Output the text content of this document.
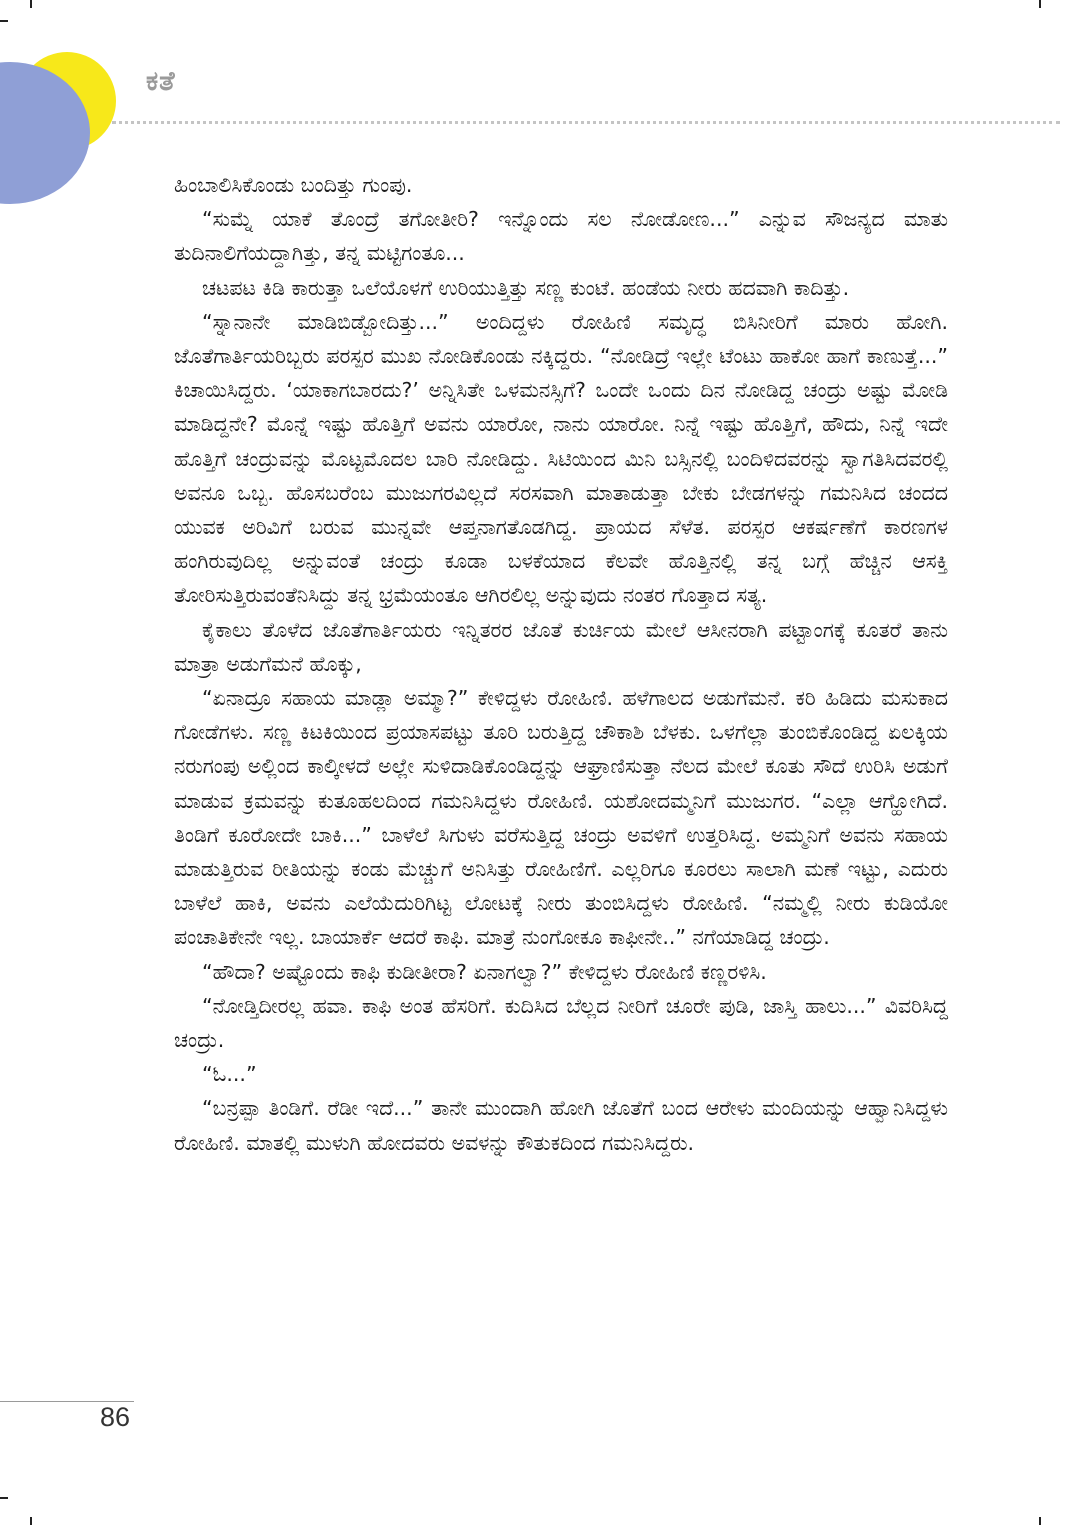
ಕತೆ

ಹಿಂಬಾಲಿಸಿಕೊಂಡು ಬಂದಿತ್ತು ಗುಂಪು.

“ಸುಮ್ನೆ ಯಾಕೆ ತೊಂದ್ರೆ ತಗೋತೀರಿ? ಇನ್ನೊಂದು ಸಲ ನೋಡೋಣ...” ಎನ್ನುವ ಸೌಜನ್ಯದ ಮಾತು ತುದಿನಾಲಿಗೆಯದ್ದಾಗಿತ್ತು, ತನ್ನ ಮಟ್ಟಿಗಂತೂ...

ಚಟಪಟ ಕಿಡಿ ಕಾರುತ್ತಾ ಒಲೆಯೊಳಗೆ ಉರಿಯುತ್ತಿತ್ತು ಸಣ್ಣ ಕುಂಟೆ. ಹಂಡೆಯ ನೀರು ಹದವಾಗಿ ಕಾದಿತ್ತು.

“ಸ್ನಾನಾನೇ ಮಾಡಿಬಿಡ್ಬೋದಿತ್ತು...” ಅಂದಿದ್ದಳು ರೋಹಿಣಿ ಸಮೃದ್ಧ ಬಿಸಿನೀರಿಗೆ ಮಾರು ಹೋಗಿ. ಜೊತೆಗಾರ್ತಿಯರಿಬ್ಬರು ಪರಸ್ಪರ ಮುಖ ನೋಡಿಕೊಂಡು ನಕ್ಕಿದ್ದರು. “ನೋಡಿದ್ರೆ ಇಲ್ಲೇ ಟೆಂಟು ಹಾಕೋ ಹಾಗೆ ಕಾಣುತ್ತೆ...” ಕಿಚಾಯಿಸಿದ್ದರು. ‘ಯಾಕಾಗಬಾರದು?’ ಅನ್ನಿಸಿತೇ ಒಳಮನಸ್ಸಿಗೆ? ಒಂದೇ ಒಂದು ದಿನ ನೋಡಿದ್ದ ಚಂದ್ರು ಅಷ್ಟು ಮೋಡಿ ಮಾಡಿದ್ದನೇ? ಮೊನ್ನೆ ಇಷ್ಟು ಹೊತ್ತಿಗೆ ಅವನು ಯಾರೋ, ನಾನು ಯಾರೋ. ನಿನ್ನೆ ಇಷ್ಟು ಹೊತ್ತಿಗೆ, ಹೌದು, ನಿನ್ನೆ ಇದೇ ಹೊತ್ತಿಗೆ ಚಂದ್ರುವನ್ನು ಮೊಟ್ಟಮೊದಲ ಬಾರಿ ನೋಡಿದ್ದು. ಸಿಟಿಯಿಂದ ಮಿನಿ ಬಸ್ಸಿನಲ್ಲಿ ಬಂದಿಳಿದವರನ್ನು ಸ್ವಾಗತಿಸಿದವರಲ್ಲಿ ಅವನೂ ಒಬ್ಬ. ಹೊಸಬರೆಂಬ ಮುಜುಗರವಿಲ್ಲದೆ ಸರಸವಾಗಿ ಮಾತಾಡುತ್ತಾ ಬೇಕು ಬೇಡಗಳನ್ನು ಗಮನಿಸಿದ ಚಂದದ ಯುವಕ ಅರಿವಿಗೆ ಬರುವ ಮುನ್ನವೇ ಆಪ್ತನಾಗತೊಡಗಿದ್ದ. ಪ್ರಾಯದ ಸೆಳೆತ. ಪರಸ್ಪರ ಆಕರ್ಷಣೆಗೆ ಕಾರಣಗಳ ಹಂಗಿರುವುದಿಲ್ಲ ಅನ್ನುವಂತೆ ಚಂದ್ರು ಕೂಡಾ ಬಳಕೆಯಾದ ಕೆಲವೇ ಹೊತ್ತಿನಲ್ಲಿ ತನ್ನ ಬಗ್ಗೆ ಹೆಚ್ಚಿನ ಆಸಕ್ತಿ ತೋರಿಸುತ್ತಿರುವಂತೆನಿಸಿದ್ದು ತನ್ನ ಭ್ರಮೆಯಂತೂ ಆಗಿರಲಿಲ್ಲ ಅನ್ನುವುದು ನಂತರ ಗೊತ್ತಾದ ಸತ್ಯ.

ಕೈಕಾಲು ತೊಳೆದ ಜೊತೆಗಾರ್ತಿಯರು ಇನ್ನಿತರರ ಜೊತೆ ಕುರ್ಚಿಯ ಮೇಲೆ ಆಸೀನರಾಗಿ ಪಟ್ಟಾಂಗಕ್ಕೆ ಕೂತರೆ ತಾನು ಮಾತ್ರಾ ಅಡುಗೆಮನೆ ಹೊಕ್ಕು,

“ಏನಾದ್ರೂ ಸಹಾಯ ಮಾಡ್ಲಾ ಅಮ್ಮಾ?” ಕೇಳಿದ್ದಳು ರೋಹಿಣಿ. ಹಳೆಗಾಲದ ಅಡುಗೆಮನೆ. ಕರಿ ಹಿಡಿದು ಮಸುಕಾದ ಗೋಡೆಗಳು. ಸಣ್ಣ ಕಿಟಕಿಯಿಂದ ಪ್ರಯಾಸಪಟ್ಟು ತೂರಿ ಬರುತ್ತಿದ್ದ ಚೌಕಾಶಿ ಬೆಳಕು. ಒಳಗೆಲ್ಲಾ ತುಂಬಿಕೊಂಡಿದ್ದ ಏಲಕ್ಕಿಯ ನರುಗಂಪು ಅಲ್ಲಿಂದ ಕಾಲ್ಕೀಳದೆ ಅಲ್ಲೇ ಸುಳಿದಾಡಿಕೊಂಡಿದ್ದನ್ನು ಆಘ್ರಾಣಿಸುತ್ತಾ ನೆಲದ ಮೇಲೆ ಕೂತು ಸೌದೆ ಉರಿಸಿ ಅಡುಗೆ ಮಾಡುವ ಕ್ರಮವನ್ನು ಕುತೂಹಲದಿಂದ ಗಮನಿಸಿದ್ದಳು ರೋಹಿಣಿ. ಯಶೋದಮ್ಮನಿಗೆ ಮುಜುಗರ. “ಎಲ್ಲಾ ಆಗ್ಹೋಗಿದೆ. ತಿಂಡಿಗೆ ಕೂರೋದೇ ಬಾಕಿ...” ಬಾಳೆಲೆ ಸಿಗುಳು ವರೆಸುತ್ತಿದ್ದ ಚಂದ್ರು ಅವಳಿಗೆ ಉತ್ತರಿಸಿದ್ದ. ಅಮ್ಮನಿಗೆ ಅವನು ಸಹಾಯ ಮಾಡುತ್ತಿರುವ ರೀತಿಯನ್ನು ಕಂಡು ಮೆಚ್ಚುಗೆ ಅನಿಸಿತ್ತು ರೋಹಿಣಿಗೆ. ಎಲ್ಲರಿಗೂ ಕೂರಲು ಸಾಲಾಗಿ ಮಣೆ ಇಟ್ಟು, ಎದುರು ಬಾಳೆಲೆ ಹಾಕಿ, ಅವನು ಎಲೆಯೆದುರಿಗಿಟ್ಟ ಲೋಟಕ್ಕೆ ನೀರು ತುಂಬಿಸಿದ್ದಳು ರೋಹಿಣಿ. “ನಮ್ಮಲ್ಲಿ ನೀರು ಕುಡಿಯೋ ಪಂಚಾತಿಕೇನೇ ಇಲ್ಲ. ಬಾಯಾರ್ಕೆ ಆದರೆ ಕಾಫಿ. ಮಾತ್ರೆ ನುಂಗೋಕೂ ಕಾಫೀನೇ..” ನಗೆಯಾಡಿದ್ದ ಚಂದ್ರು.

“ಹೌದಾ? ಅಷ್ಟೊಂದು ಕಾಫಿ ಕುಡೀತೀರಾ? ಏನಾಗಲ್ವಾ?” ಕೇಳಿದ್ದಳು ರೋಹಿಣಿ ಕಣ್ಣರಳಿಸಿ.

“ನೋಡ್ತಿದೀರಲ್ಲ ಹವಾ. ಕಾಫಿ ಅಂತ ಹೆಸರಿಗೆ. ಕುದಿಸಿದ ಬೆಲ್ಲದ ನೀರಿಗೆ ಚೂರೇ ಪುಡಿ, ಜಾಸ್ತಿ ಹಾಲು...” ವಿವರಿಸಿದ್ದ ಚಂದ್ರು.

“ಓ...”

“ಬನ್ರಪ್ಪಾ ತಿಂಡಿಗೆ. ರೆಡೀ ಇದೆ...” ತಾನೇ ಮುಂದಾಗಿ ಹೋಗಿ ಜೊತೆಗೆ ಬಂದ ಆರೇಳು ಮಂದಿಯನ್ನು ಆಹ್ವಾನಿಸಿದ್ದಳು ರೋಹಿಣಿ. ಮಾತಲ್ಲಿ ಮುಳುಗಿ ಹೋದವರು ಅವಳನ್ನು ಕೌತುಕದಿಂದ ಗಮನಿಸಿದ್ದರು.

86
